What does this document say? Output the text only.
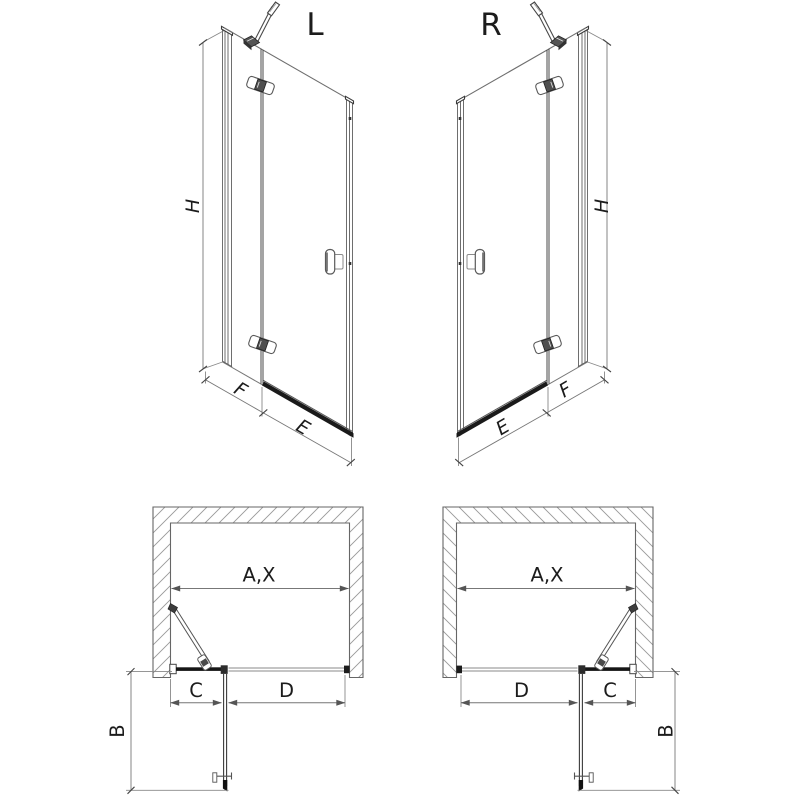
L	R
H	H
F
E
F
E
A,X	A,X
C	D	D	C
B	B
